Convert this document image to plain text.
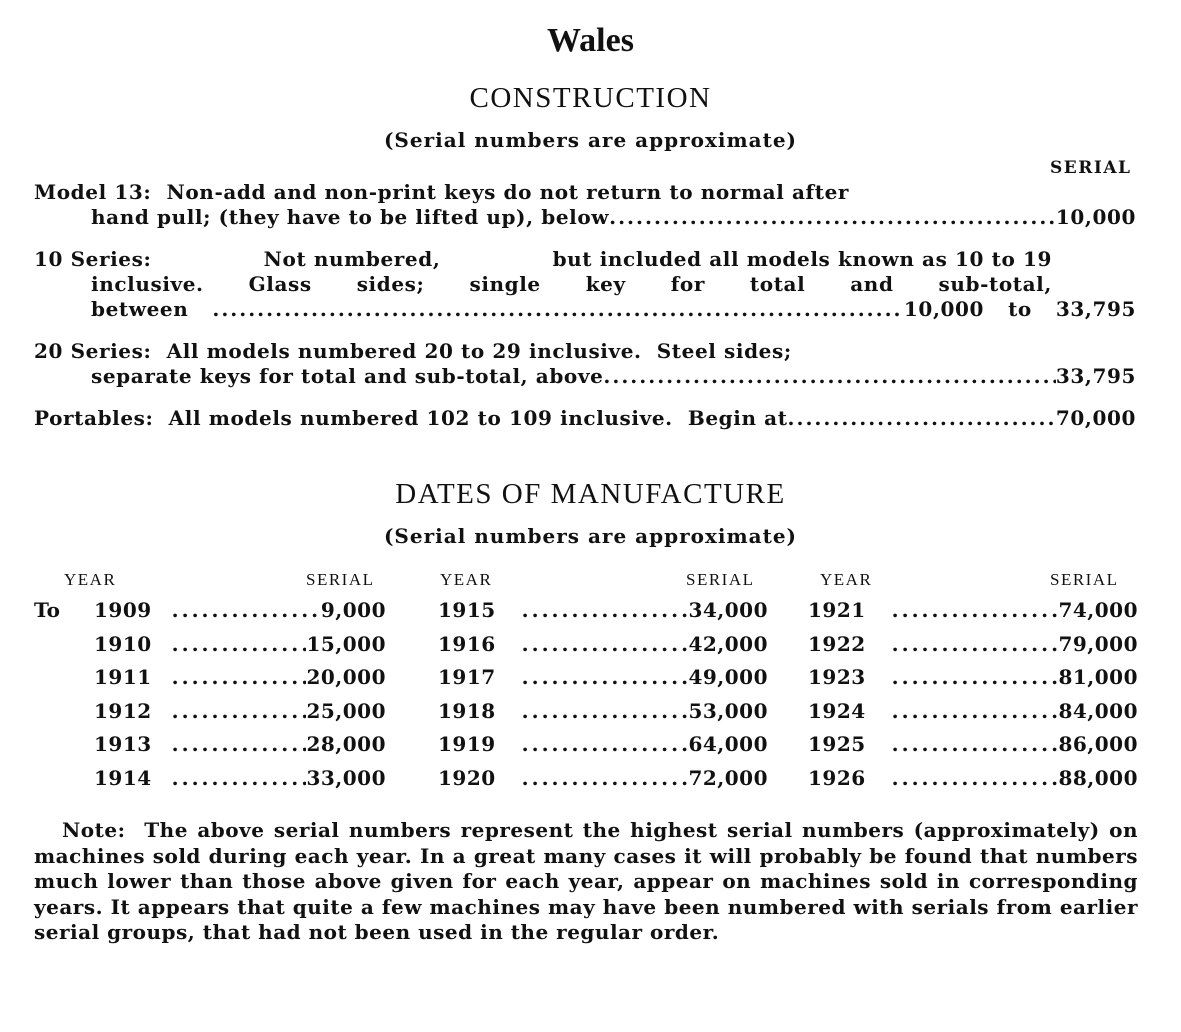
Wales
CONSTRUCTION
(Serial numbers are approximate)
SERIAL
Model 13:  Non-add and non-print keys do not return to normal after
hand pull; (they have to be lifted up), below .....	10,000
10 Series:	Not numbered,	but included all models known as 10 to 19
inclusive. Glass sides; single key for total and sub-total,
between .....	10,000 to 33,795
20 Series:  All models numbered 20 to 29 inclusive.  Steel sides;
separate keys for total and sub-total, above .....	33,795
Portables:  All models numbered 102 to 109 inclusive.  Begin at .....	70,000
DATES OF MANUFACTURE
(Serial numbers are approximate)
YEAR	SERIAL	YEAR	SERIAL	YEAR	SERIAL
To 1909 .....	9,000	1915 .....	34,000 1921 .....	74,000
1910 .....	15,000	1916 .....	42,000 1922 .....	79,000
1911 .....	20,000	1917 .....	49,000 1923 .....	81,000
1912 .....	25,000	1918 .....	53,000 1924 .....	84,000
1913 .....	28,000	1919 .....	64,000 1925 .....	86,000
1914 .....	33,000	1920 .....	72,000 1926 .....	88,000
Note: The above serial numbers represent the highest serial numbers (approximately) on machines sold during each year. In a great many cases it will probably be found that numbers much lower than those above given for each year, appear on machines sold in corresponding years. It appears that quite a few machines may have been numbered with serials from earlier serial groups, that had not been used in the regular order.
